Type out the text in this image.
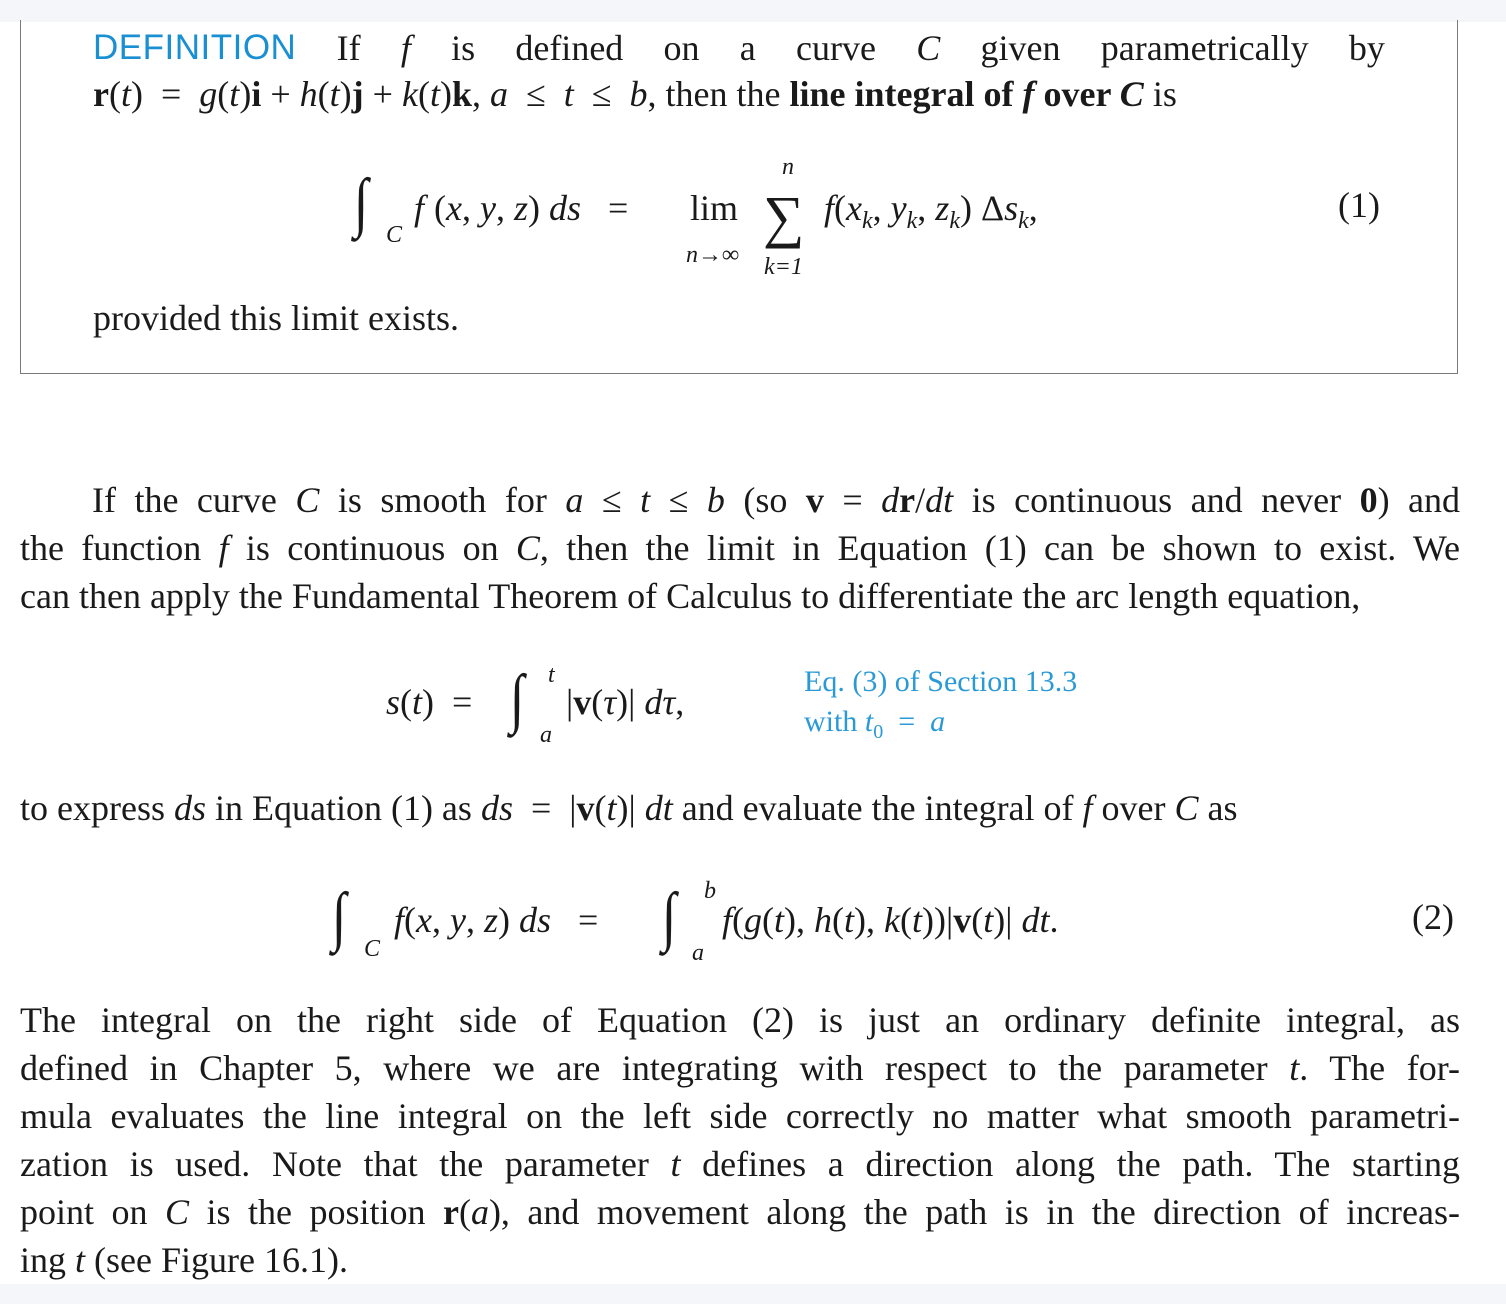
DEFINITION If f is defined on a curve C given parametrically by
r(t)  =  g(t)i + h(t)j + k(t)k, a  ≤  t  ≤  b, then the line integral of f over C is
∫ C
f (x, y, z) ds   = lim
n→∞
n
∑
k=1
$f(x_k$, $y_k$, $z_k$) $\Delta s_k$,	(1)
provided this limit exists.

If the curve C is smooth for a ≤ t ≤ b (so v = dr/dt is continuous and never 0) and

the function f is continuous on C, then the limit in Equation (1) can be shown to exist. We

can then apply the Fundamental Theorem of Calculus to differentiate the arc length equation,

s(t)  = ∫ t
a
|v(τ)| dτ,
Eq. (3) of Section 13.3
with $t_0 = a$
to express ds in Equation (1) as ds  =  |v(t)| dt and evaluate the integral of f over C as
∫ C
f(x, y, z) ds   = ∫ b
a
f(g(t), h(t), k(t))|v(t)| dt.	(2)

The integral on the right side of Equation (2) is just an ordinary definite integral, as

defined in Chapter 5, where we are integrating with respect to the parameter t. The for-

mula evaluates the line integral on the left side correctly no matter what smooth parametri-

zation is used. Note that the parameter t defines a direction along the path. The starting

point on C is the position r(a), and movement along the path is in the direction of increas-

ing t (see Figure 16.1).
